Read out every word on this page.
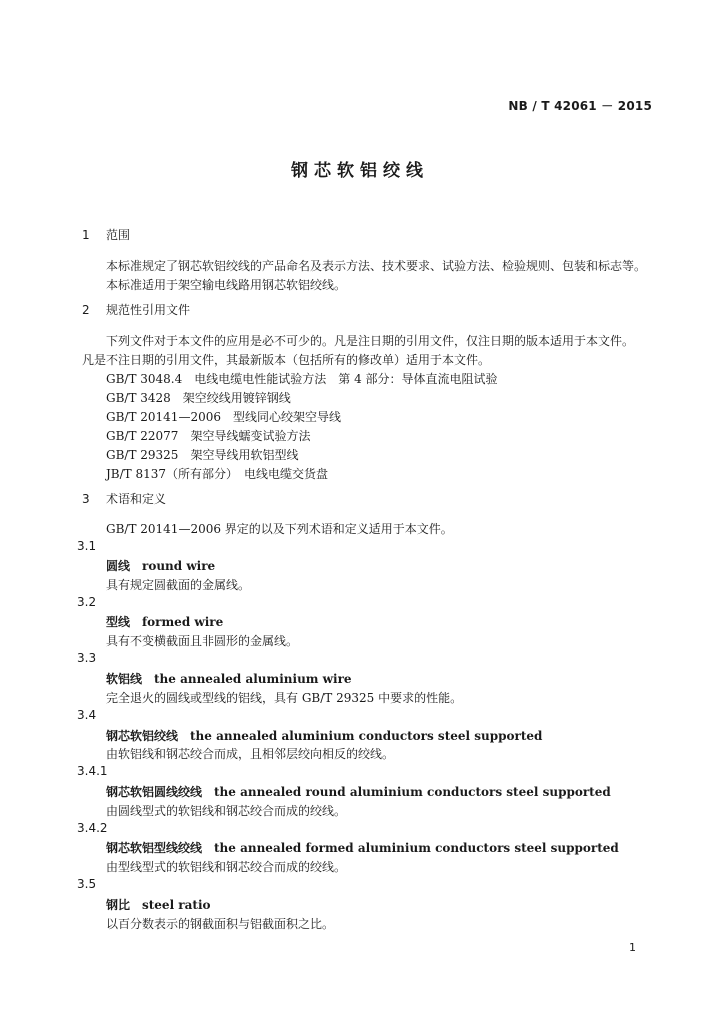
NB / T 42061 － 2015
钢芯软铝绞线
1 范围
本标准规定了钢芯软铝绞线的产品命名及表示方法、技术要求、试验方法、检验规则、包装和标志等。
本标准适用于架空输电线路用钢芯软铝绞线。
2 规范性引用文件
下列文件对于本文件的应用是必不可少的。凡是注日期的引用文件，仅注日期的版本适用于本文件。
凡是不注日期的引用文件，其最新版本（包括所有的修改单）适用于本文件。
GB/T 3048.4　电线电缆电性能试验方法　第 4 部分：导体直流电阻试验
GB/T 3428　架空绞线用镀锌钢线
GB/T 20141—2006　型线同心绞架空导线
GB/T 22077　架空导线蠕变试验方法
GB/T 29325　架空导线用软铝型线
JB/T 8137（所有部分）　电线电缆交货盘
3 术语和定义
GB/T 20141—2006 界定的以及下列术语和定义适用于本文件。
3.1
圆线　round wire
具有规定圆截面的金属线。
3.2
型线　formed wire
具有不变横截面且非圆形的金属线。
3.3
软铝线　the annealed aluminium wire
完全退火的圆线或型线的铝线，具有 GB/T 29325 中要求的性能。
3.4
钢芯软铝绞线　the annealed aluminium conductors steel supported
由软铝线和钢芯绞合而成，且相邻层绞向相反的绞线。
3.4.1
钢芯软铝圆线绞线　the annealed round aluminium conductors steel supported
由圆线型式的软铝线和钢芯绞合而成的绞线。
3.4.2
钢芯软铝型线绞线　the annealed formed aluminium conductors steel supported
由型线型式的软铝线和钢芯绞合而成的绞线。
3.5
钢比　steel ratio
以百分数表示的钢截面积与铝截面积之比。
1
